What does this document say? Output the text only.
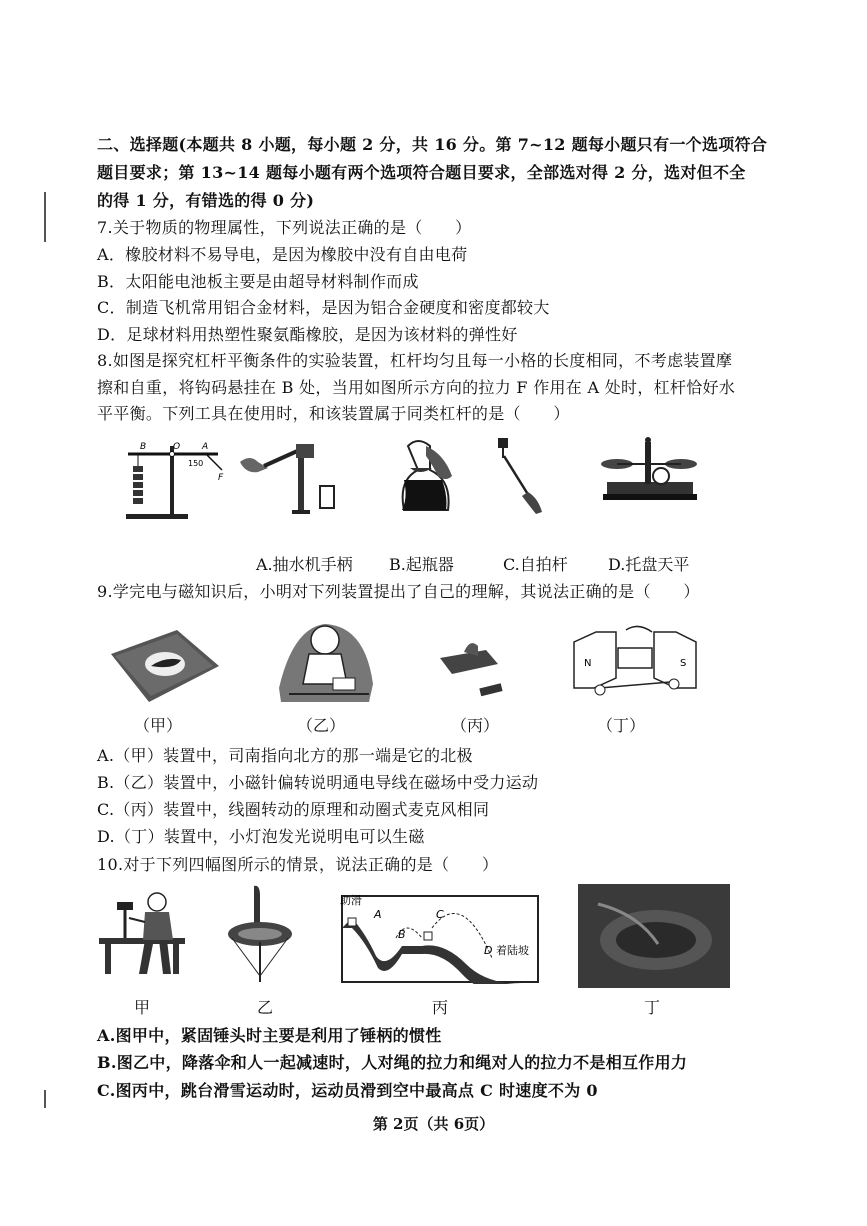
二、选择题(本题共 8 小题，每小题 2 分，共 16 分。第 7~12 题每小题只有一个选项符合
题目要求；第 13~14 题每小题有两个选项符合题目要求，全部选对得 2 分，选对但不全
的得 1 分，有错选的得 0 分)
7.关于物质的物理属性，下列说法正确的是（　　）
A．橡胶材料不易导电，是因为橡胶中没有自由电荷
B．太阳能电池板主要是由超导材料制作而成
C．制造飞机常用铝合金材料，是因为铝合金硬度和密度都较大
D．足球材料用热塑性聚氨酯橡胶，是因为该材料的弹性好
8.如图是探究杠杆平衡条件的实验装置，杠杆均匀且每一小格的长度相同，不考虑装置摩
擦和自重，将钩码悬挂在 B 处，当用如图所示方向的拉力 F 作用在 A 处时，杠杆恰好水
平平衡。下列工具在使用时，和该装置属于同类杠杆的是（　　）
B	O A
150
F
A.抽水机手柄 B.起瓶器	C.自拍杆	D.托盘天平
9.学完电与磁知识后，小明对下列装置提出了自己的理解，其说法正确的是（　　）
N	S
（甲）	（乙）	（丙）	（丁）
A.（甲）装置中，司南指向北方的那一端是它的北极
B.（乙）装置中，小磁针偏转说明通电导线在磁场中受力运动
C.（丙）装置中，线圈转动的原理和动圈式麦克风相同
D.（丁）装置中，小灯泡发光说明电可以生磁
10.对于下列四幅图所示的情景，说法正确的是（　　）
助滑
A
B
C
D 着陆坡
甲	乙	丙	丁
A.图甲中，紧固锤头时主要是利用了锤柄的惯性
B.图乙中，降落伞和人一起减速时，人对绳的拉力和绳对人的拉力不是相互作用力
C.图丙中，跳台滑雪运动时，运动员滑到空中最高点 C 时速度不为 0
第 2页（共 6页）
